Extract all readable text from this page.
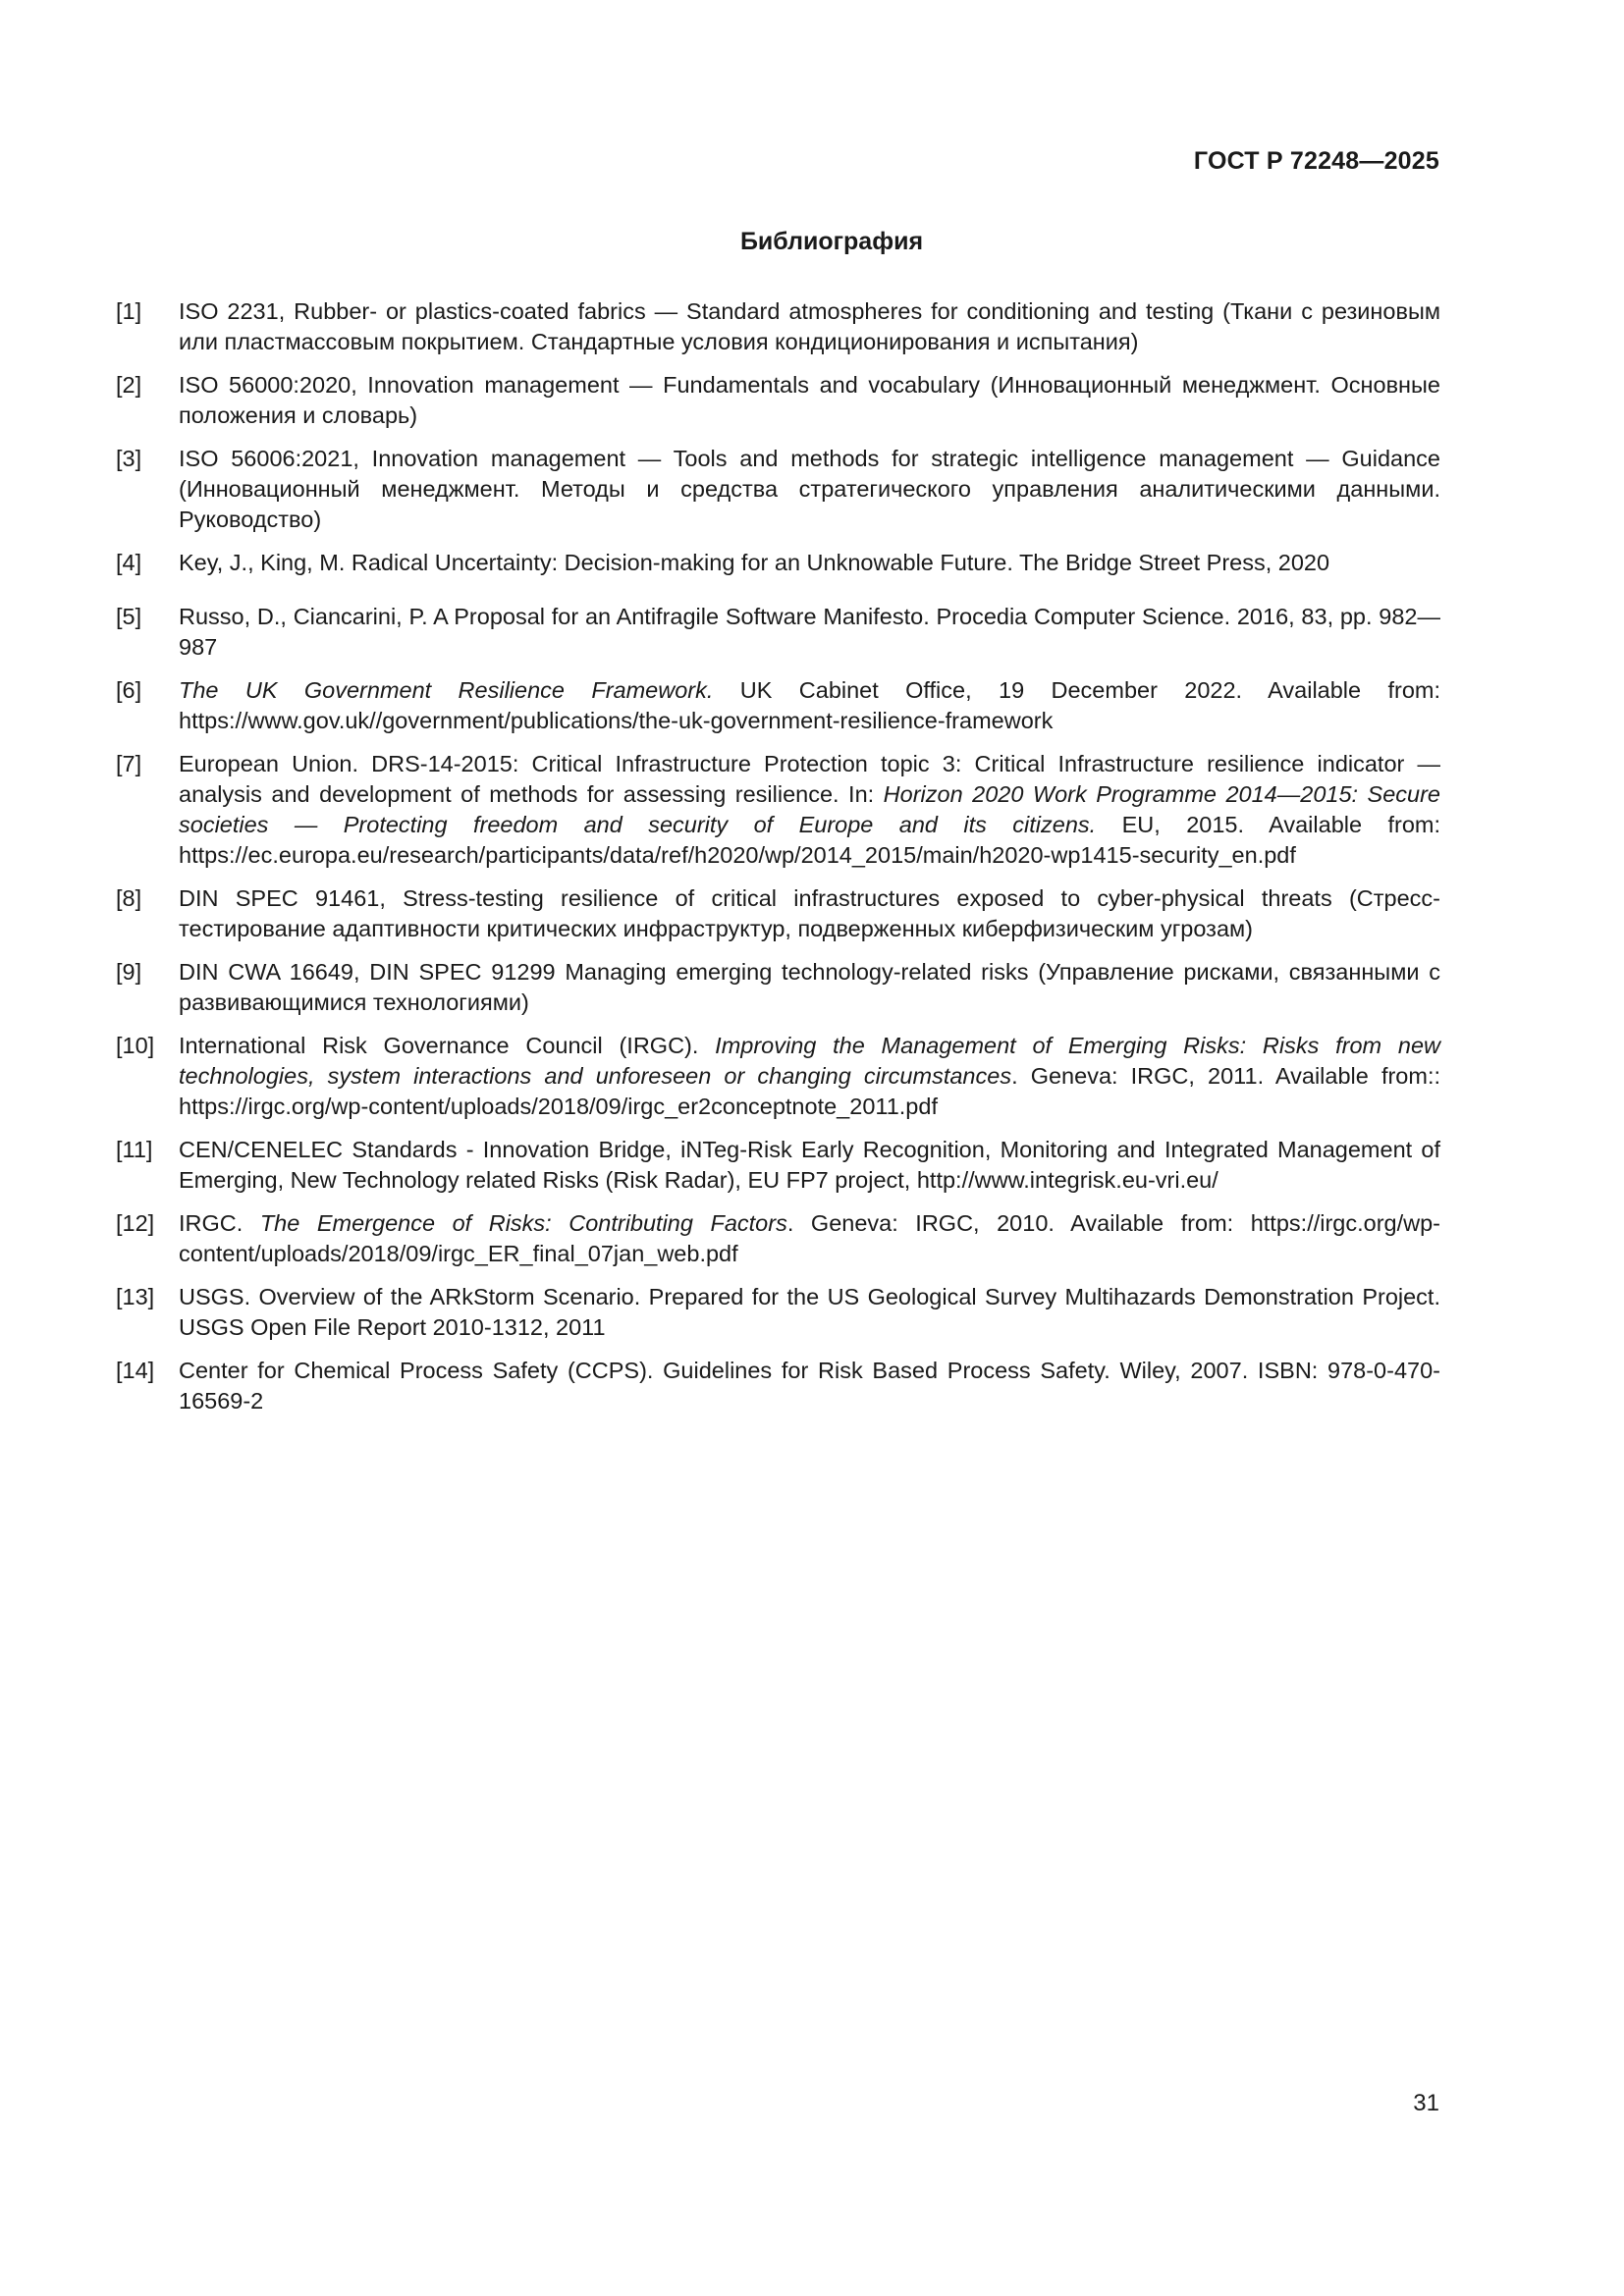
ГОСТ Р 72248—2025

Библиография
[1]	ISO 2231, Rubber- or plastics-coated fabrics — Standard atmospheres for conditioning and testing (Ткани с резиновым или пластмассовым покрытием. Стандартные условия кондиционирования и испытания)
[2]	ISO 56000:2020, Innovation management — Fundamentals and vocabulary (Инновационный менеджмент. Основные положения и словарь)
[3]	ISO 56006:2021, Innovation management — Tools and methods for strategic intelligence management — Guidance (Инновационный менеджмент. Методы и средства стратегического управления аналитическими данными. Руководство)
[4]	Key, J., King, M. Radical Uncertainty: Decision-making for an Unknowable Future. The Bridge Street Press, 2020
[5]	Russo, D., Ciancarini, P. A Proposal for an Antifragile Software Manifesto. Procedia Computer Science. 2016, 83, pp. 982—987
[6]	The UK Government Resilience Framework. UK Cabinet Office, 19 December 2022. Available from: https://www.gov.uk//government/publications/the-uk-government-resilience-framework
[7]	European Union. DRS-14-2015: Critical Infrastructure Protection topic 3: Critical Infrastructure resilience indicator — analysis and development of methods for assessing resilience. In: Horizon 2020 Work Programme 2014—2015: Secure societies — Protecting freedom and security of Europe and its citizens. EU, 2015. Available from: https://ec.europa.eu/research/participants/data/ref/h2020/wp/2014_2015/main/h2020-wp1415-security_en.pdf
[8]	DIN SPEC 91461, Stress-testing resilience of critical infrastructures exposed to cyber-physical threats (Стресс-тестирование адаптивности критических инфраструктур, подверженных киберфизическим угрозам)
[9]	DIN CWA 16649, DIN SPEC 91299 Managing emerging technology-related risks (Управление рисками, связанными с развивающимися технологиями)
[10]	International Risk Governance Council (IRGC). Improving the Management of Emerging Risks: Risks from new technologies, system interactions and unforeseen or changing circumstances. Geneva: IRGC, 2011. Available from:: https://irgc.org/wp-content/uploads/2018/09/irgc_er2conceptnote_2011.pdf
[11]	CEN/CENELEC Standards - Innovation Bridge, iNTeg-Risk Early Recognition, Monitoring and Integrated Management of Emerging, New Technology related Risks (Risk Radar), EU FP7 project, http://www.integrisk.eu-vri.eu/
[12]	IRGC. The Emergence of Risks: Contributing Factors. Geneva: IRGC, 2010. Available from: https://irgc.org/wp-content/uploads/2018/09/irgc_ER_final_07jan_web.pdf
[13]	USGS. Overview of the ARkStorm Scenario. Prepared for the US Geological Survey Multihazards Demonstration Project. USGS Open File Report 2010-1312, 2011
[14]	Center for Chemical Process Safety (CCPS). Guidelines for Risk Based Process Safety. Wiley, 2007. ISBN: 978-0-470-16569-2

31
